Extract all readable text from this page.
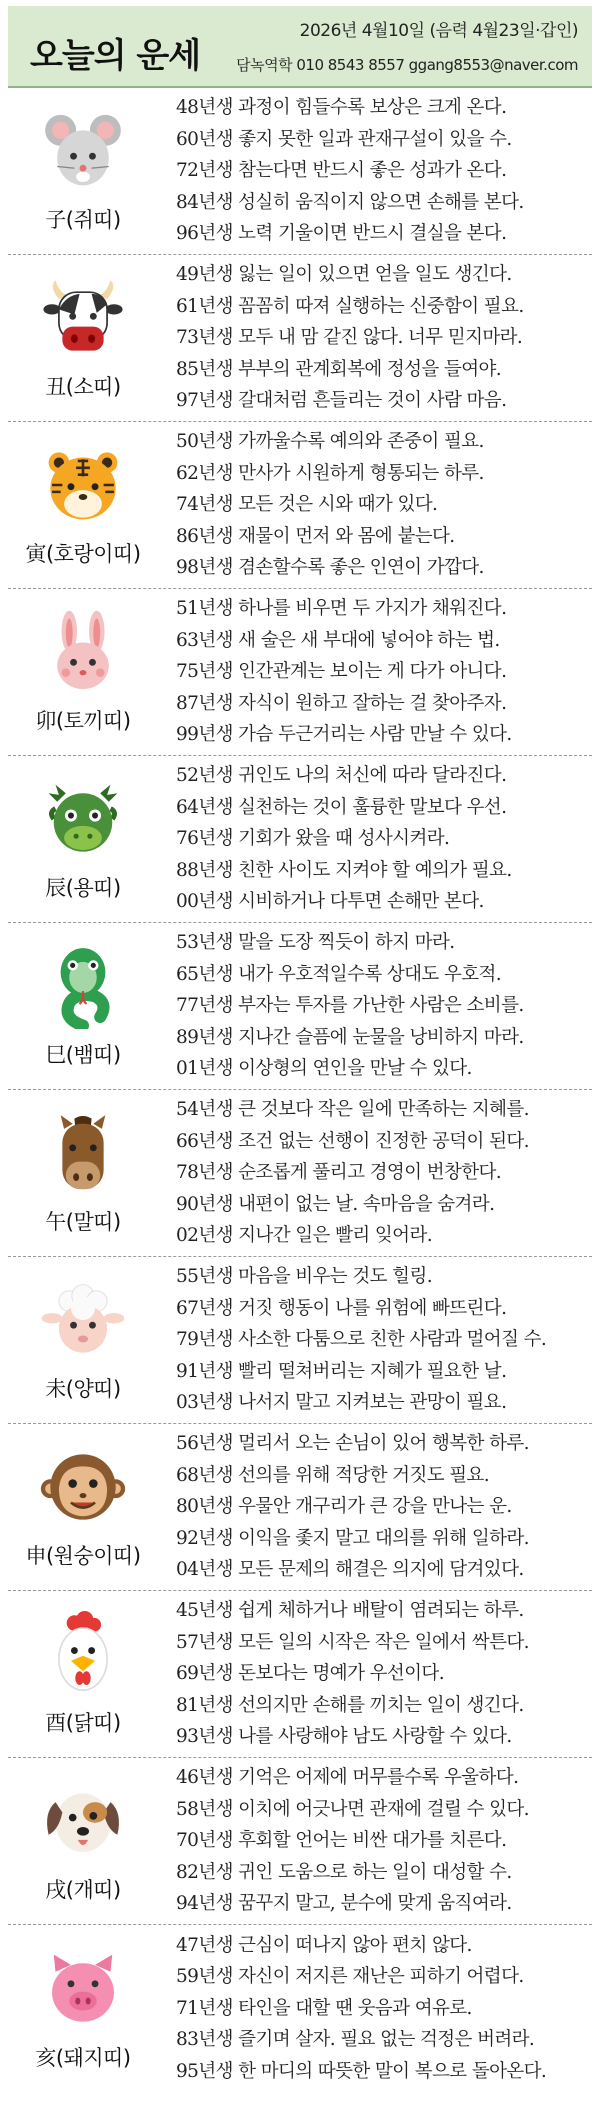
오늘의 운세
2026년 4월10일 (음력 4월23일·갑인)
담녹역학 010 8543 8557 ggang8553@naver.com
子(쥐띠)
48년생 과정이 힘들수록 보상은 크게 온다.
60년생 좋지 못한 일과 관재구설이 있을 수.
72년생 참는다면 반드시 좋은 성과가 온다.
84년생 성실히 움직이지 않으면 손해를 본다.
96년생 노력 기울이면 반드시 결실을 본다.
丑(소띠)
49년생 잃는 일이 있으면 얻을 일도 생긴다.
61년생 꼼꼼히 따져 실행하는 신중함이 필요.
73년생 모두 내 맘 같진 않다. 너무 믿지마라.
85년생 부부의 관계회복에 정성을 들여야.
97년생 갈대처럼 흔들리는 것이 사람 마음.
寅(호랑이띠)
50년생 가까울수록 예의와 존중이 필요.
62년생 만사가 시원하게 형통되는 하루.
74년생 모든 것은 시와 때가 있다.
86년생 재물이 먼저 와 몸에 붙는다.
98년생 겸손할수록 좋은 인연이 가깝다.
卯(토끼띠)
51년생 하나를 비우면 두 가지가 채워진다.
63년생 새 술은 새 부대에 넣어야 하는 법.
75년생 인간관계는 보이는 게 다가 아니다.
87년생 자식이 원하고 잘하는 걸 찾아주자.
99년생 가슴 두근거리는 사람 만날 수 있다.
辰(용띠)
52년생 귀인도 나의 처신에 따라 달라진다.
64년생 실천하는 것이 훌륭한 말보다 우선.
76년생 기회가 왔을 때 성사시켜라.
88년생 친한 사이도 지켜야 할 예의가 필요.
00년생 시비하거나 다투면 손해만 본다.
巳(뱀띠)
53년생 말을 도장 찍듯이 하지 마라.
65년생 내가 우호적일수록 상대도 우호적.
77년생 부자는 투자를 가난한 사람은 소비를.
89년생 지나간 슬픔에 눈물을 낭비하지 마라.
01년생 이상형의 연인을 만날 수 있다.
午(말띠)
54년생 큰 것보다 작은 일에 만족하는 지혜를.
66년생 조건 없는 선행이 진정한 공덕이 된다.
78년생 순조롭게 풀리고 경영이 번창한다.
90년생 내편이 없는 날. 속마음을 숨겨라.
02년생 지나간 일은 빨리 잊어라.
未(양띠)
55년생 마음을 비우는 것도 힐링.
67년생 거짓 행동이 나를 위험에 빠뜨린다.
79년생 사소한 다툼으로 친한 사람과 멀어질 수.
91년생 빨리 떨쳐버리는 지혜가 필요한 날.
03년생 나서지 말고 지켜보는 관망이 필요.
申(원숭이띠)
56년생 멀리서 오는 손님이 있어 행복한 하루.
68년생 선의를 위해 적당한 거짓도 필요.
80년생 우물안 개구리가 큰 강을 만나는 운.
92년생 이익을 좇지 말고 대의를 위해 일하라.
04년생 모든 문제의 해결은 의지에 담겨있다.
酉(닭띠)
45년생 쉽게 체하거나 배탈이 염려되는 하루.
57년생 모든 일의 시작은 작은 일에서 싹튼다.
69년생 돈보다는 명예가 우선이다.
81년생 선의지만 손해를 끼치는 일이 생긴다.
93년생 나를 사랑해야 남도 사랑할 수 있다.
戌(개띠)
46년생 기억은 어제에 머무를수록 우울하다.
58년생 이치에 어긋나면 관재에 걸릴 수 있다.
70년생 후회할 언어는 비싼 대가를 치른다.
82년생 귀인 도움으로 하는 일이 대성할 수.
94년생 꿈꾸지 말고, 분수에 맞게 움직여라.
亥(돼지띠)
47년생 근심이 떠나지 않아 편치 않다.
59년생 자신이 저지른 재난은 피하기 어렵다.
71년생 타인을 대할 땐 웃음과 여유로.
83년생 즐기며 살자. 필요 없는 걱정은 버려라.
95년생 한 마디의 따뜻한 말이 복으로 돌아온다.
